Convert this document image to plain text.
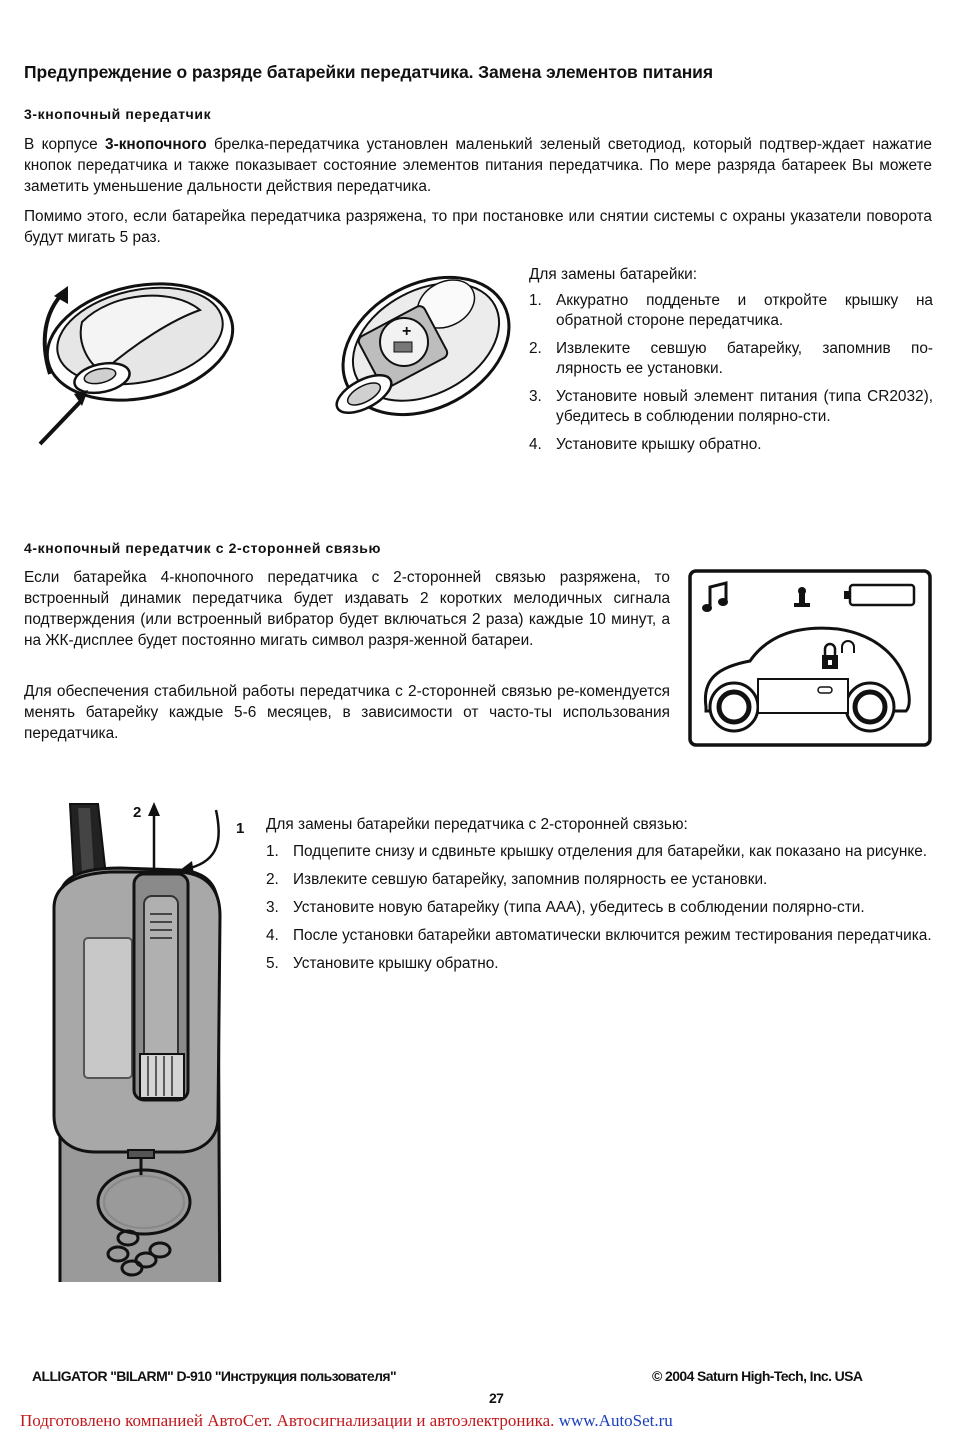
Предупреждение о разряде батарейки передатчика. Замена элементов питания
3-кнопочный передатчик
В корпусе 3-кнопочного брелка-передатчика установлен маленький зеленый светодиод, который подтвер-ждает нажатие кнопок передатчика и также показывает состояние элементов питания передатчика. По мере разряда батареек Вы можете заметить уменьшение дальности действия передатчика.
Помимо этого, если батарейка передатчика разряжена, то при постановке или снятии системы с охраны указатели поворота будут мигать 5 раз.
+
Для замены батарейки:
1. Аккуратно подденьте и откройте крышку на обратной стороне передатчика.
2. Извлеките севшую батарейку, запомнив по-лярность ее установки.
3. Установите новый элемент питания (типа CR2032), убедитесь в соблюдении полярно-сти.
4. Установите крышку обратно.
4-кнопочный передатчик с 2-сторонней связью
Если батарейка 4-кнопочного передатчика с 2-сторонней связью разряжена, то встроенный динамик передатчика будет издавать 2 коротких мелодичных сигнала подтверждения (или встроенный вибратор будет включаться 2 раза) каждые 10 минут, а на ЖК-дисплее будет постоянно мигать символ разря-женной батареи.
Для обеспечения стабильной работы передатчика с 2-сторонней связью ре-комендуется менять батарейку каждые 5-6 месяцев, в зависимости от часто-ты использования передатчика.
2
1 Для замены батарейки передатчика с 2-сторонней связью:
1. Подцепите снизу и сдвиньте крышку отделения для батарейки, как показано на рисунке.
2. Извлеките севшую батарейку, запомнив полярность ее установки.
3. Установите новую батарейку (типа AAA), убедитесь в соблюдении полярно-сти.
4. После установки батарейки автоматически включится режим тестирования передатчика.
5. Установите крышку обратно.
ALLIGATOR "BILARM" D-910 "Инструкция пользователя"	© 2004 Saturn High-Tech, Inc. USA
27
Подготовлено компанией АвтоСет. Автосигнализации и автоэлектроника. www.AutoSet.ru
